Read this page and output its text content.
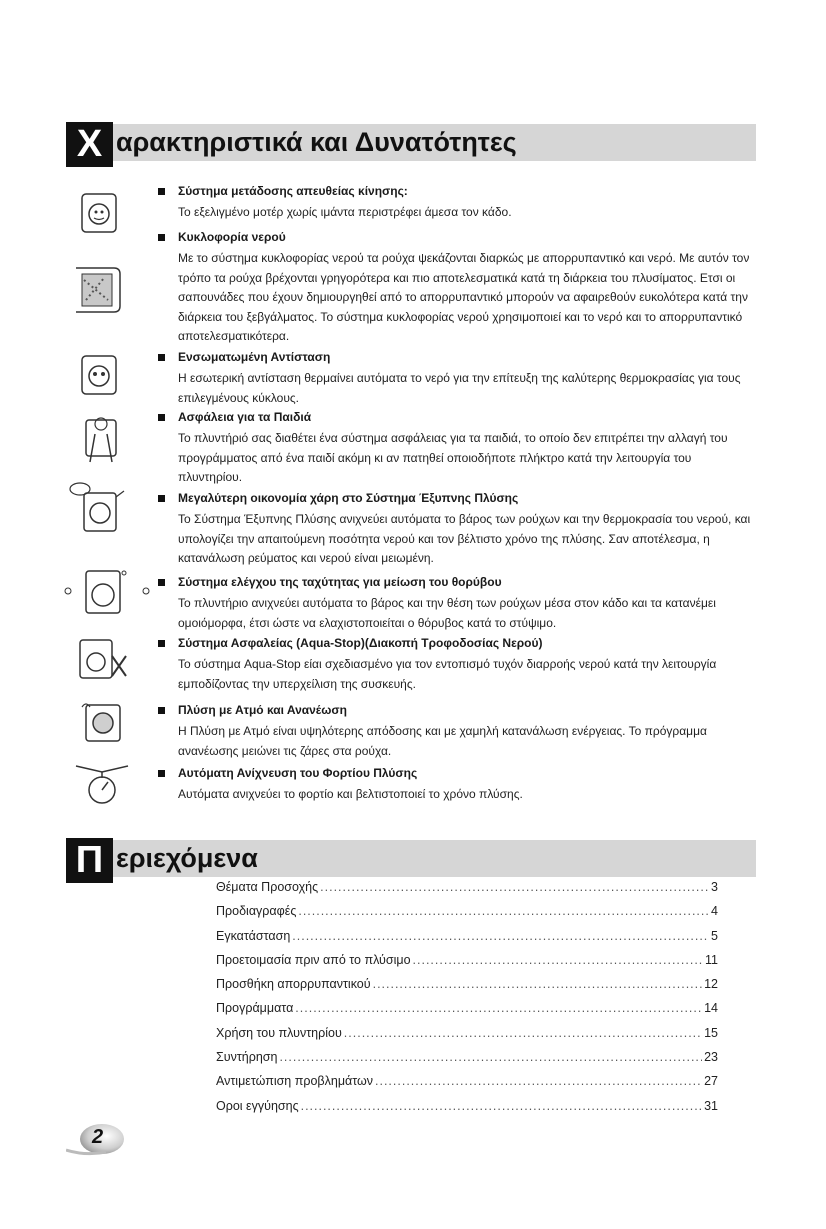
Χ αρακτηριστικά και Δυνατότητες
Σύστημα μετάδοσης απευθείας κίνησης:
Το εξελιγμένο μοτέρ χωρίς ιμάντα περιστρέφει άμεσα τον κάδο.
Κυκλοφορία νερού
Με το σύστημα κυκλοφορίας νερού τα ρούχα ψεκάζονται διαρκώς με απορρυπαντικό και νερό. Με αυτόν τον τρόπο τα ρούχα βρέχονται γρηγορότερα και πιο αποτελεσματικά κατά τη διάρκεια του πλυσίματος. Ετσι οι σαπουνάδες που έχουν δημιουργηθεί από το απορρυπαντικό μπορούν να αφαιρεθούν ευκολότερα κατά την διάρκεια του ξεβγάλματος. Το σύστημα κυκλοφορίας νερού χρησιμοποιεί και το νερό και το απορρυπαντικό αποτελεσματικότερα.
Ενσωματωμένη Αντίσταση
Η εσωτερική αντίσταση θερμαίνει αυτόματα το νερό για την επίτευξη της καλύτερης θερμοκρασίας για τους επιλεγμένους κύκλους.
Ασφάλεια για τα Παιδιά
Το πλυντήριό σας διαθέτει ένα σύστημα ασφάλειας για τα παιδιά, το οποίο δεν επιτρέπει την αλλαγή του προγράμματος από ένα παιδί ακόμη κι αν πατηθεί οποιοδήποτε πλήκτρο κατά την λειτουργία του πλυντηρίου.
Μεγαλύτερη οικονομία χάρη στο Σύστημα Έξυπνης Πλύσης
Το Σύστημα Έξυπνης Πλύσης ανιχνεύει αυτόματα το βάρος των ρούχων και την θερμοκρασία του νερού, και υπολογίζει την απαιτούμενη ποσότητα νερού και τον βέλτιστο χρόνο της πλύσης. Σαν αποτέλεσμα, η κατανάλωση ρεύματος και νερού είναι μειωμένη.
Σύστημα ελέγχου της ταχύτητας για μείωση του θορύβου
Το πλυντήριο ανιχνεύει αυτόματα το βάρος και την θέση των ρούχων μέσα στον κάδο και τα κατανέμει ομοιόμορφα, έτσι ώστε να ελαχιστοποιείται ο θόρυβος κατά το στύψιμο.
Σύστημα Ασφαλείας (Aqua-Stop)(Διακοπή Τροφοδοσίας Νερού)
Το σύστημα Aqua-Stop είαι σχεδιασμένο για τον εντοπισμό τυχόν διαρροής νερού κατά την λειτουργία εμποδίζοντας την υπερχείλιση της συσκευής.
Πλύση με Ατμό και Ανανέωση
Η Πλύση με Ατμό είναι υψηλότερης απόδοσης και με χαμηλή κατανάλωση ενέργειας. Το πρόγραμμα ανανέωσης μειώνει τις ζάρες στα ρούχα.
Αυτόματη Ανίχνευση του Φορτίου Πλύσης
Αυτόματα ανιχνεύει το φορτίο και βελτιστοποιεί το χρόνο πλύσης.
Π εριεχόμενα
Θέματα Προσοχής .....	3
Προδιαγραφές .....	4
Εγκατάσταση .....	5
Προετοιμασία πριν από το πλύσιμο .....	11
Προσθήκη απορρυπαντικού .....	12
Προγράμματα .....	14
Χρήση του πλυντηρίου .....	15
Συντήρηση .....	23
Αντιμετώπιση προβλημάτων .....	27
Ορoι εγγύησης .....	31
2
